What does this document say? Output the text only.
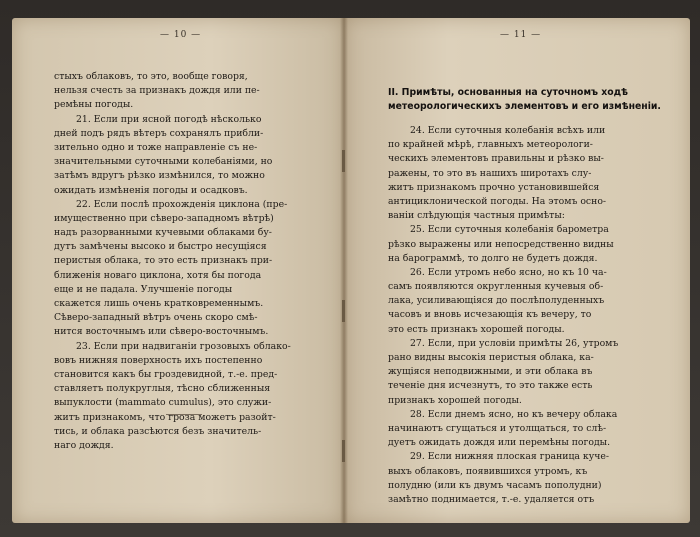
— 10 —
стыхъ облаковъ, то это, вообще говоря,
нельзя счесть за признакъ дождя или пе-
ремѣны погоды.
21. Если при ясной погодѣ нѣсколько
дней подъ рядъ вѣтеръ сохранялъ прибли-
зительно одно и тоже направленіе съ не-
значительными суточными колебаніями, но
затѣмъ вдругъ рѣзко измѣнился, то можно
ожидать измѣненія погоды и осадковъ.
22. Если послѣ прохожденія циклона (пре-
имущественно при сѣверо-западномъ вѣтрѣ)
надъ разорванными кучевыми облаками бу-
дутъ замѣчены высоко и быстро несущіяся
перистыя облака, то это есть признакъ при-
ближенія новаго циклона, хотя бы погода
еще и не падала. Улучшеніе погоды
скажется лишь очень кратковременнымъ.
Сѣверо-западный вѣтръ очень скоро смѣ-
нится восточнымъ или сѣверо-восточнымъ.
23. Если при надвиганіи грозовыхъ облако-
вовъ нижняя поверхность ихъ постепенно
становится какъ бы гроздевидной, т.-е. пред-
ставляетъ полукруглыя, тѣсно сближенныя
выпуклости (mammato cumulus), это служи-
житъ признакомъ, что гроза можетъ разойт-
тись, и облака разсѣются безъ значитель-
наго дождя.
— 11 —
II. Примѣты, основанныя на суточномъ ходѣ
метеорологическихъ элементовъ и его измѣненіи.
24. Если суточныя колебанія всѣхъ или
по крайней мѣрѣ, главныхъ метеорологи-
ческихъ элементовъ правильны и рѣзко вы-
ражены, то это въ нашихъ широтахъ слу-
житъ признакомъ прочно установившейся
антициклонической погоды. На этомъ осно-
ваніи слѣдующія частныя примѣты:
25. Если суточныя колебанія барометра
рѣзко выражены или непосредственно видны
на барограммѣ, то долго не будетъ дождя.
26. Если утромъ небо ясно, но къ 10 ча-
самъ появляются округленныя кучевыя об-
лака, усиливающіяся до послѣполуденныхъ
часовъ и вновь исчезающія къ вечеру, то
это есть признакъ хорошей погоды.
27. Если, при условіи примѣты 26, утромъ
рано видны высокія перистыя облака, ка-
жущіяся неподвижными, и эти облака въ
теченіе дня исчезнутъ, то это также есть
признакъ хорошей погоды.
28. Если днемъ ясно, но къ вечеру облака
начинаютъ сгущаться и утолщаться, то слѣ-
дуетъ ожидать дождя или перемѣны погоды.
29. Если нижняя плоская граница куче-
выхъ облаковъ, появившихся утромъ, къ
полудню (или къ двумъ часамъ пополудни)
замѣтно поднимается, т.-е. удаляется отъ
